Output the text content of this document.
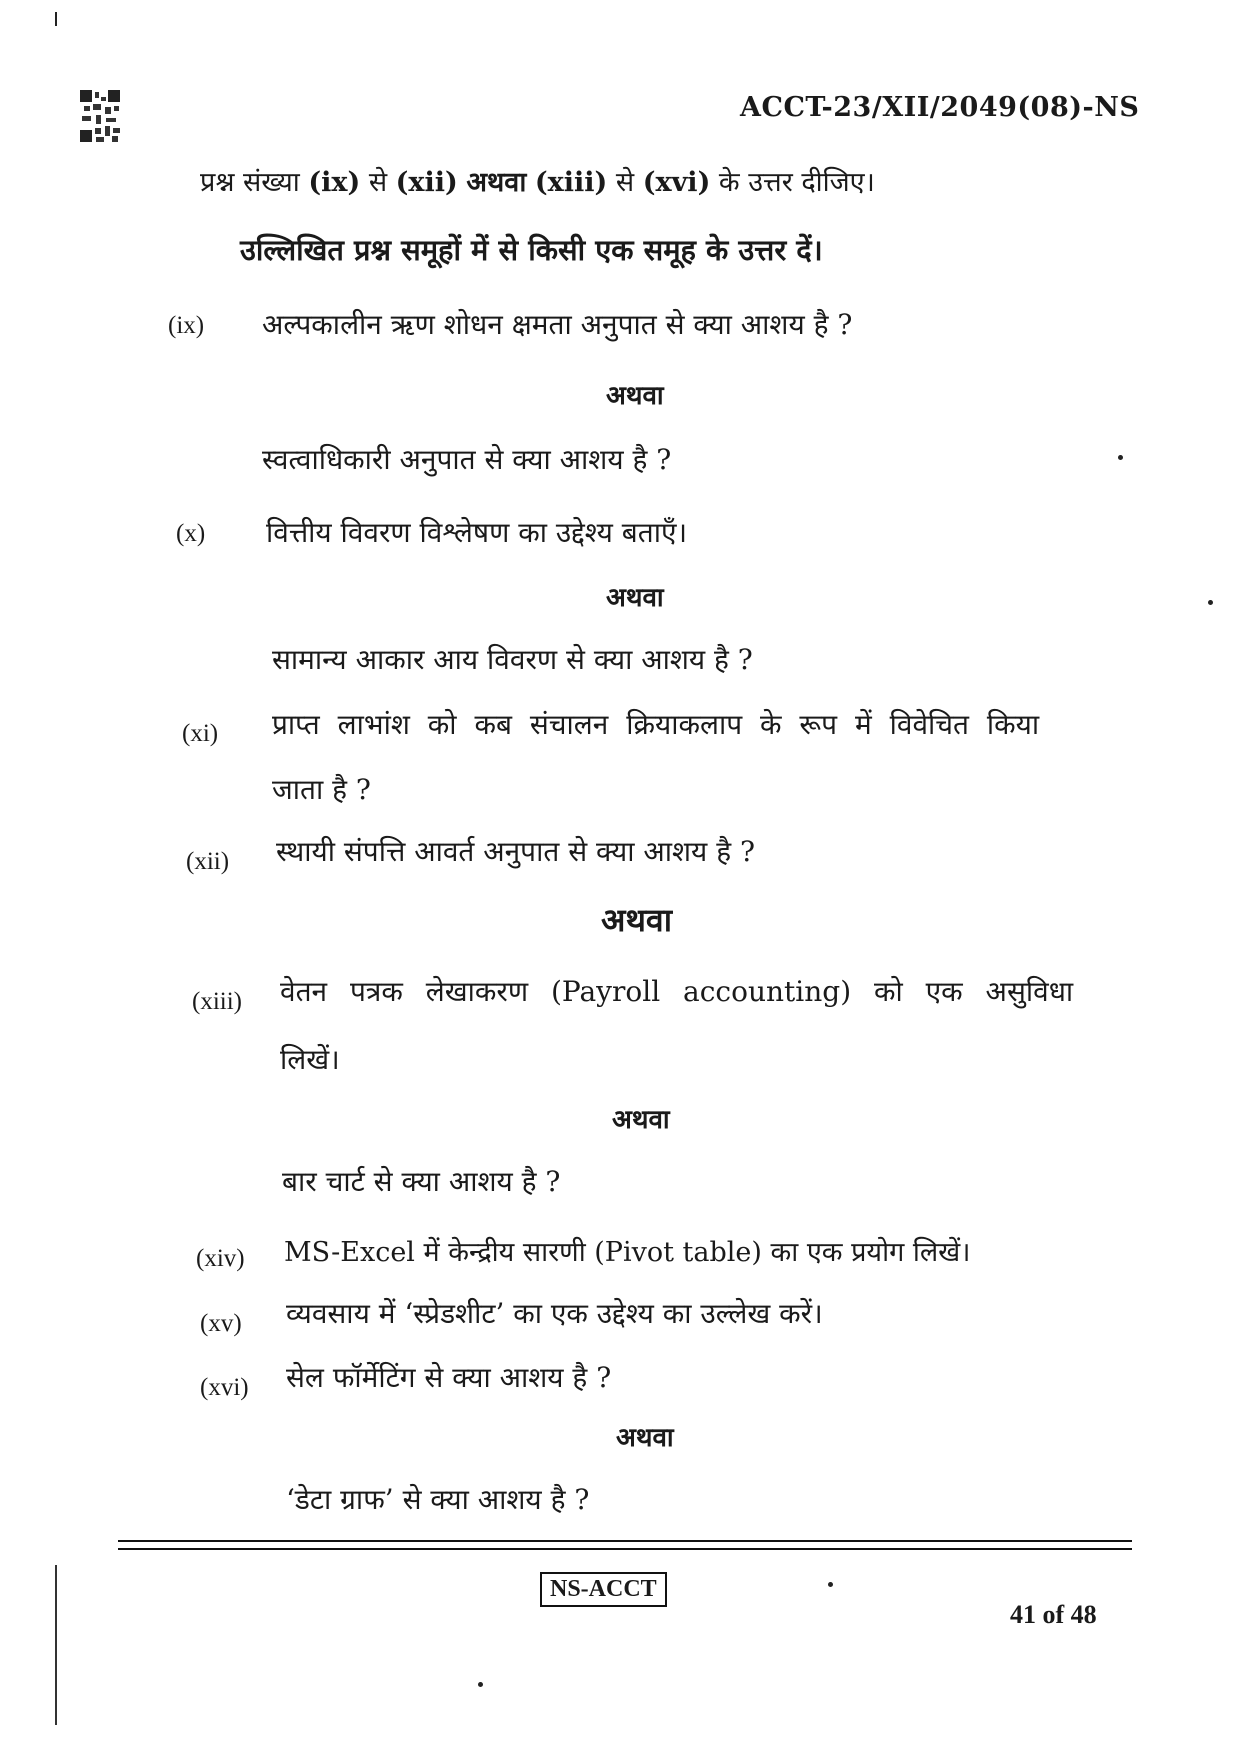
ACCT-23/XII/2049(08)-NS
प्रश्न संख्या (ix) से (xii) अथवा (xiii) से (xvi) के उत्तर दीजिए।
उल्लिखित प्रश्न समूहों में से किसी एक समूह के उत्तर दें।
(ix) अल्पकालीन ऋण शोधन क्षमता अनुपात से क्या आशय है ?
अथवा
स्वत्वाधिकारी अनुपात से क्या आशय है ?
(x) वित्तीय विवरण विश्लेषण का उद्देश्य बताएँ।
अथवा
सामान्य आकार आय विवरण से क्या आशय है ?
(xi) प्राप्त लाभांश को कब संचालन क्रियाकलाप के रूप में विवेचित किया
जाता है ?
(xii) स्थायी संपत्ति आवर्त अनुपात से क्या आशय है ?
अथवा
(xiii) वेतन पत्रक लेखाकरण (Payroll accounting) को एक असुविधा
लिखें।
अथवा
बार चार्ट से क्या आशय है ?
(xiv) MS-Excel में केन्द्रीय सारणी (Pivot table) का एक प्रयोग लिखें।
(xv) व्यवसाय में ‘स्प्रेडशीट’ का एक उद्देश्य का उल्लेख करें।
(xvi) सेल फॉर्मेटिंग से क्या आशय है ?
अथवा
‘डेटा ग्राफ’ से क्या आशय है ?
NS-ACCT
41 of 48
